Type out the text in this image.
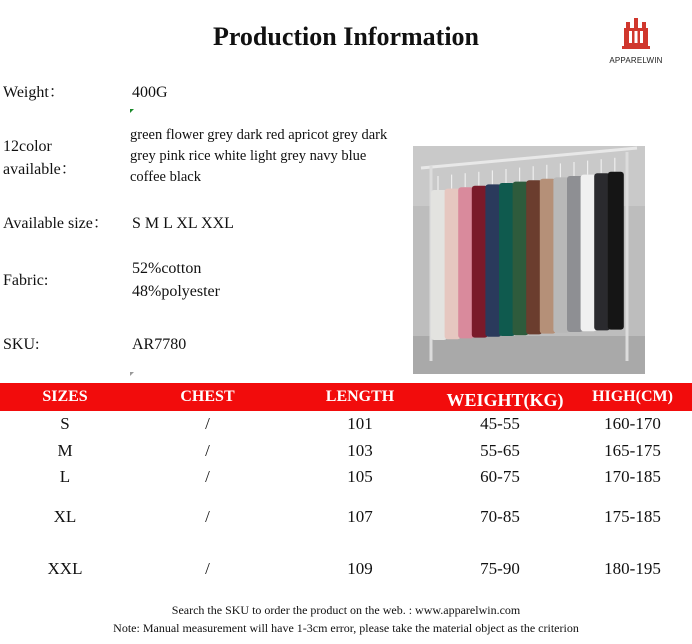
Production Information
APPARELWIN
Weight：	400G
12color
available：
green flower grey dark red apricot grey dark grey pink rice white light grey navy blue coffee black
Available size： S M L XL XXL
Fabric:
52%cotton
48%polyester
SKU:	AR7780
SIZES	CHEST	LENGTH	WEIGHT(KG)	HIGH(CM)
S	/	101	45-55	160-170
M	/	103	55-65	165-175
L	/	105	60-75	170-185
XL	/	107	70-85	175-185
XXL	/	109	75-90	180-195
Search the SKU to order the product on the web. : www.apparelwin.com
Note: Manual measurement will have 1-3cm error, please take the material object as the criterion
